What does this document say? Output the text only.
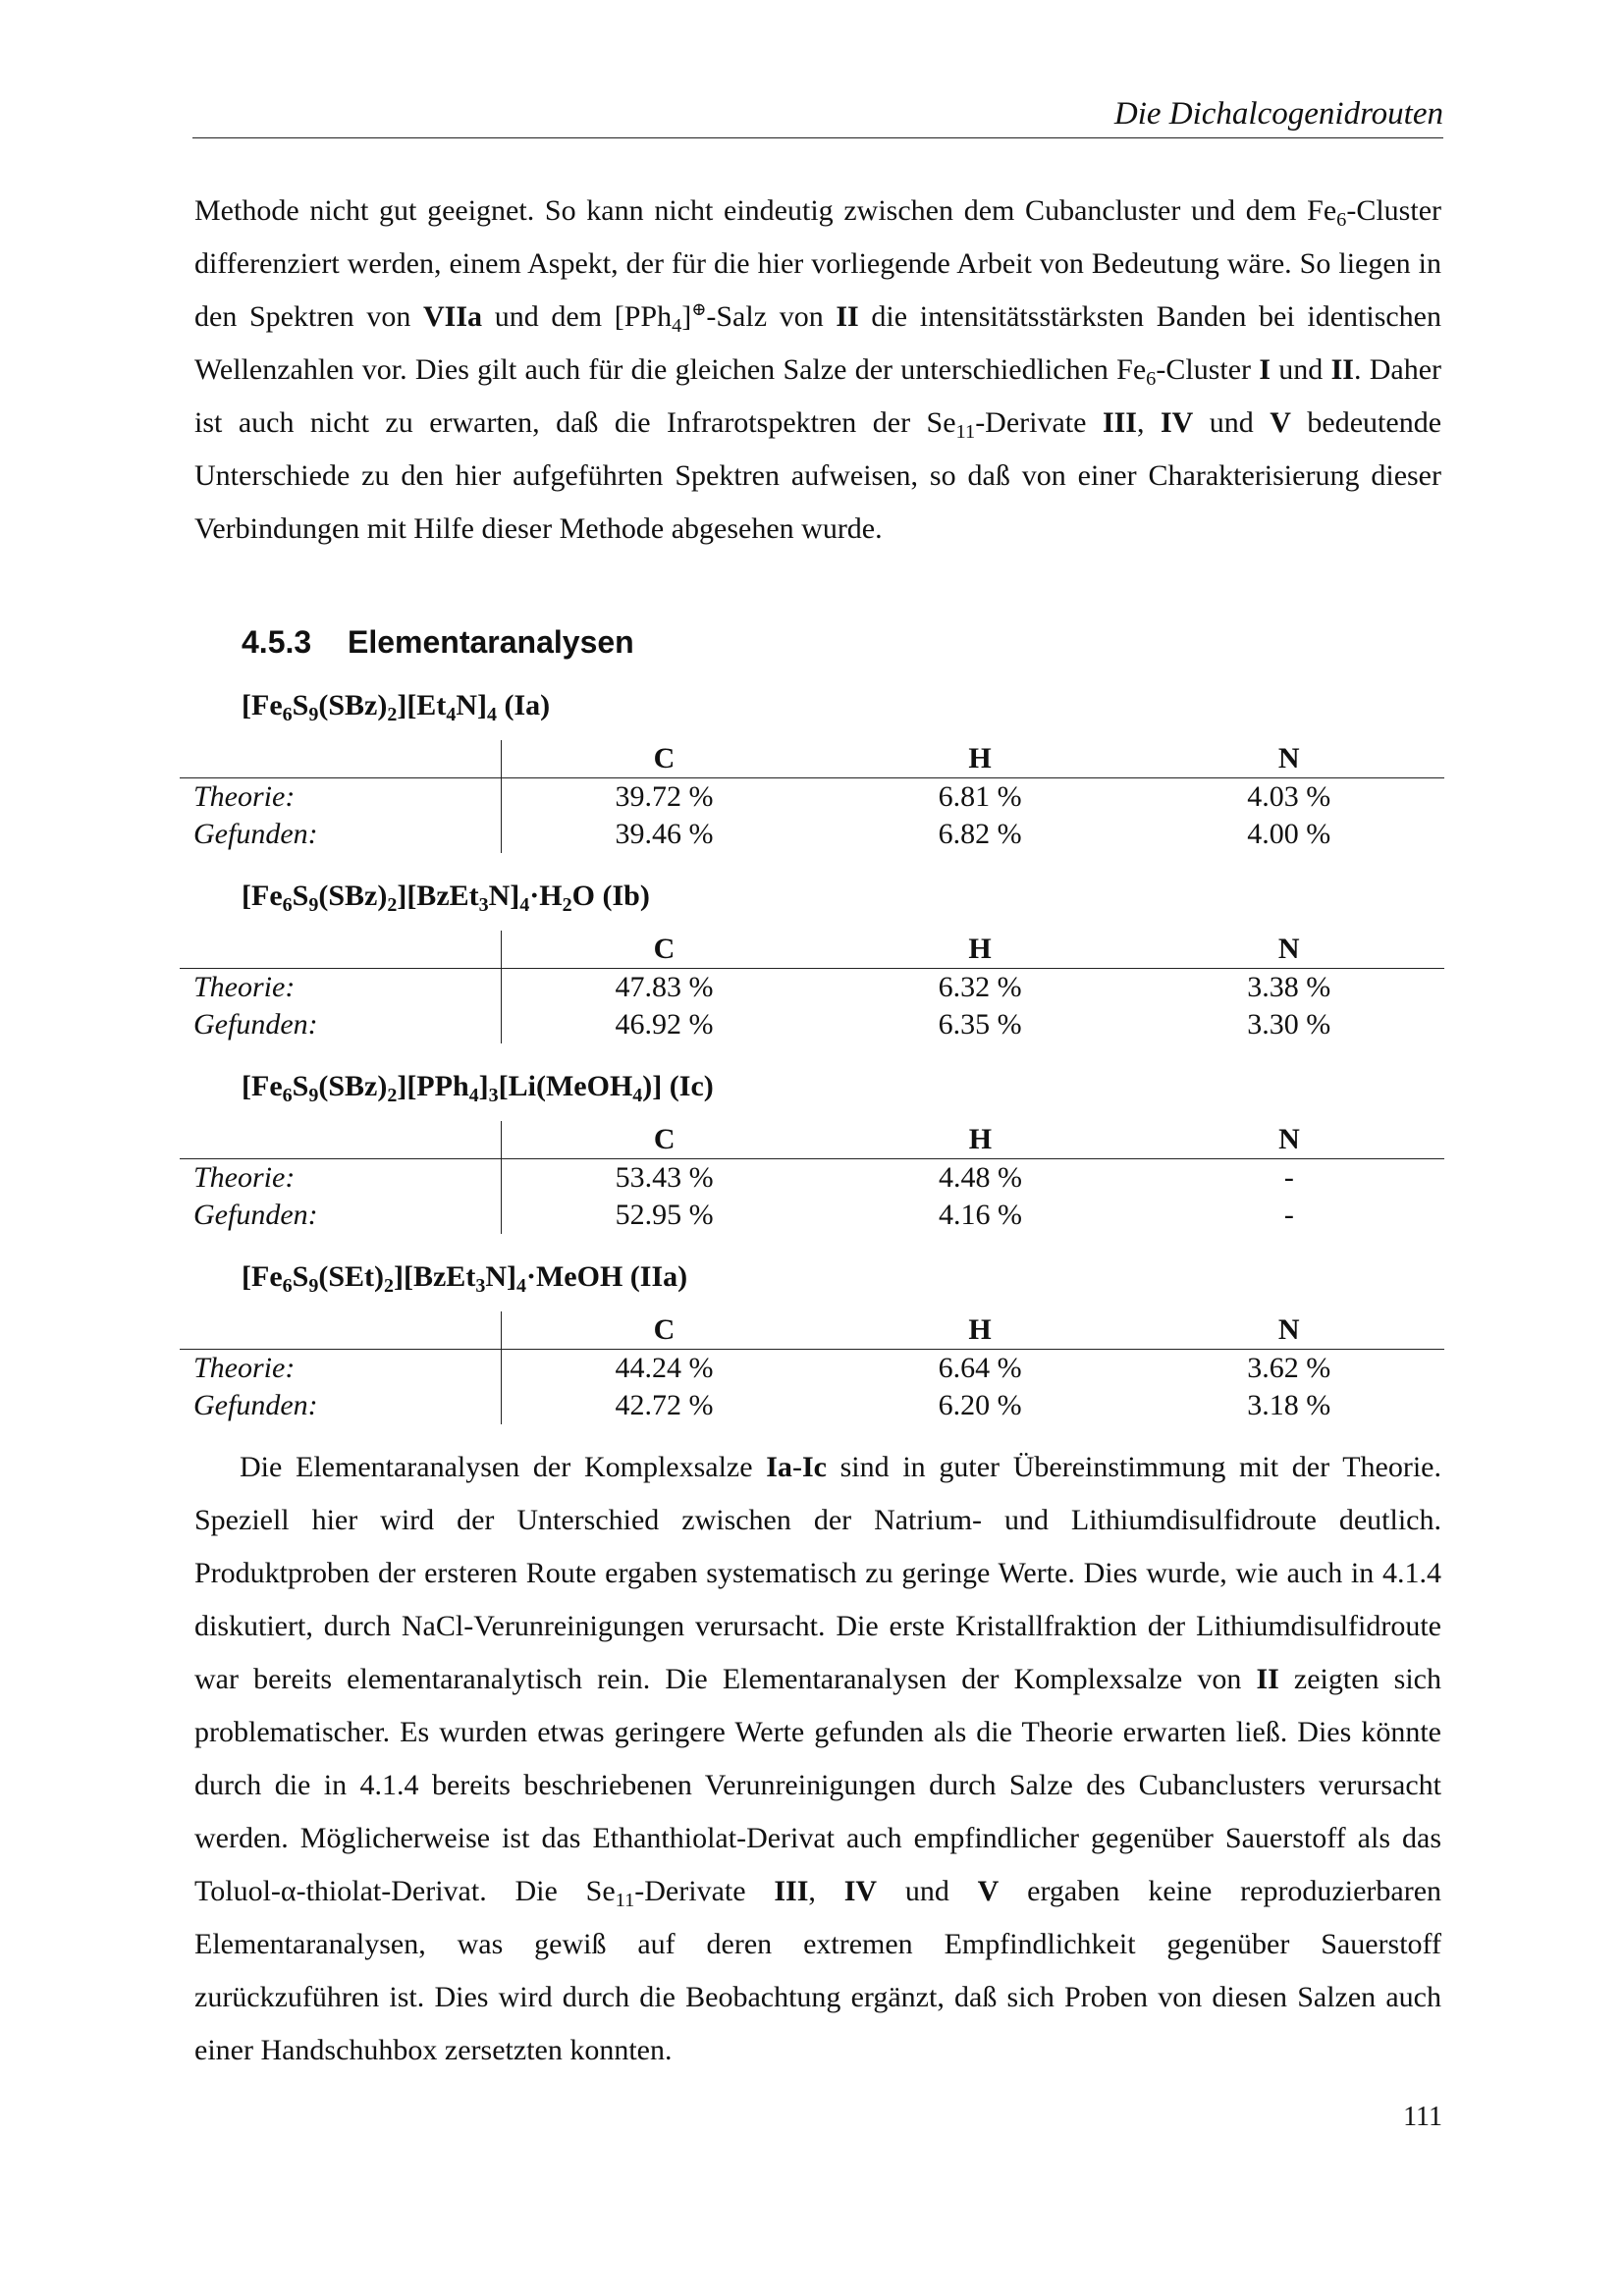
Die Dichalcogenidrouten

Methode nicht gut geeignet. So kann nicht eindeutig zwischen dem Cubancluster und dem $Fe_6$-Cluster differenziert werden, einem Aspekt, der für die hier vorliegende Arbeit von Bedeutung wäre. So liegen in den Spektren von VIIa und dem [PPh$_4$]⊕-Salz von II die intensitätsstärksten Banden bei identischen Wellenzahlen vor. Dies gilt auch für die gleichen Salze der unterschiedlichen $Fe_6$-Cluster I und II. Daher ist auch nicht zu erwarten, daß die Infrarotspektren der $Se_{11}$-Derivate III, IV und V bedeutende Unterschiede zu den hier aufgeführten Spektren aufweisen, so daß von einer Charakterisierung dieser Verbindungen mit Hilfe dieser Methode abgesehen wurde.

4.5.3 Elementaranalysen

$[Fe_6S_9(SBz)_2][Et_4N]_4$ (Ia)

	C	H	N
Theorie:	39.72 %	6.81 %	4.03 %
Gefunden:	39.46 %	6.82 %	4.00 %

$[Fe_6S_9(SBz)_2][BzEt_3N]_4\cdot H_2O$ (Ib)

	C	H	N
Theorie:	47.83 %	6.32 %	3.38 %
Gefunden:	46.92 %	6.35 %	3.30 %

$[Fe_6S_9(SBz)_2][PPh_4]_3[Li(MeOH_4)]$ (Ic)

	C	H	N
Theorie:	53.43 %	4.48 %	-
Gefunden:	52.95 %	4.16 %	-

$[Fe_6S_9(SEt)_2][BzEt_3N]_4\cdot MeOH$ (IIa)

	C	H	N
Theorie:	44.24 %	6.64 %	3.62 %
Gefunden:	42.72 %	6.20 %	3.18 %

Die Elementaranalysen der Komplexsalze Ia-Ic sind in guter Übereinstimmung mit der Theorie. Speziell hier wird der Unterschied zwischen der Natrium- und Lithiumdisulfidroute deutlich. Produktproben der ersteren Route ergaben systematisch zu geringe Werte. Dies wurde, wie auch in 4.1.4 diskutiert, durch NaCl-Verunreinigungen verursacht. Die erste Kristallfraktion der Lithiumdisulfidroute war bereits elementaranalytisch rein. Die Elementaranalysen der Komplexsalze von II zeigten sich problematischer. Es wurden etwas geringere Werte gefunden als die Theorie erwarten ließ. Dies könnte durch die in 4.1.4 bereits beschriebenen Verunreinigungen durch Salze des Cubanclusters verursacht werden. Möglicherweise ist das Ethanthiolat-Derivat auch empfindlicher gegenüber Sauerstoff als das Toluol-α-thiolat-Derivat. Die $Se_{11}$-Derivate III, IV und V ergaben keine reproduzierbaren Elementaranalysen, was gewiß auf deren extremen Empfindlichkeit gegenüber Sauerstoff zurückzuführen ist. Dies wird durch die Beobachtung ergänzt, daß sich Proben von diesen Salzen auch einer Handschuhbox zersetzten konnten.

111
